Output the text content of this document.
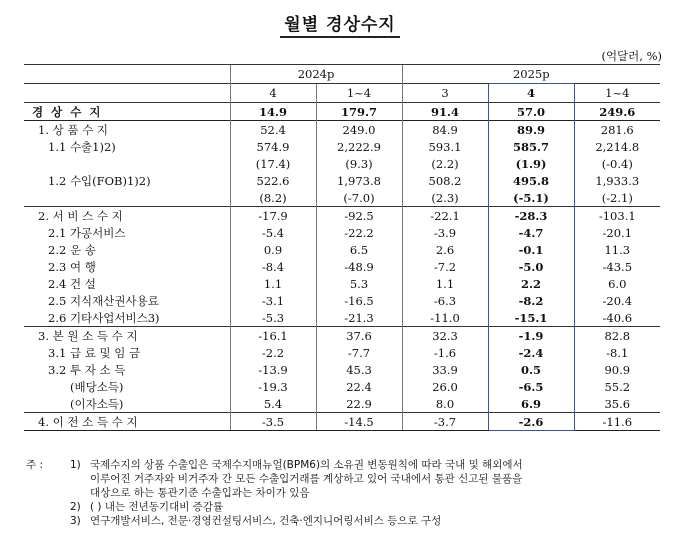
월별 경상수지
(억달러, %)
	2024p		2025p		
	4	1~4	3	4	1~4
경 상 수 지	14.9	179.7	91.4	57.0	249.6
1. 상 품 수 지	52.4	249.0	84.9	89.9	281.6
1.1 수출1)2)	574.9	2,222.9	593.1	585.7	2,214.8
	(17.4)	(9.3)	(2.2)	(1.9)	(-0.4)
1.2 수입(FOB)1)2)	522.6	1,973.8	508.2	495.8	1,933.3
	(8.2)	(-7.0)	(2.3)	(-5.1)	(-2.1)
2. 서 비 스 수 지	-17.9	-92.5	-22.1	-28.3	-103.1
2.1 가공서비스	-5.4	-22.2	-3.9	-4.7	-20.1
2.2 운 송	0.9	6.5	2.6	-0.1	11.3
2.3 여 행	-8.4	-48.9	-7.2	-5.0	-43.5
2.4 건 설	1.1	5.3	1.1	2.2	6.0
2.5 지식재산권사용료	-3.1	-16.5	-6.3	-8.2	-20.4
2.6 기타사업서비스3)	-5.3	-21.3	-11.0	-15.1	-40.6
3. 본 원 소 득 수 지	-16.1	37.6	32.3	-1.9	82.8
3.1 급 료 및 임 금	-2.2	-7.7	-1.6	-2.4	-8.1
3.2 투 자 소 득	-13.9	45.3	33.9	0.5	90.9
(배당소득)	-19.3	22.4	26.0	-6.5	55.2
(이자소득)	5.4	22.9	8.0	6.9	35.6
4. 이 전 소 득 수 지	-3.5	-14.5	-3.7	-2.6	-11.6
주 :	1) 국제수지의 상품 수출입은 국제수지매뉴얼(BPM6)의 소유권 변동원칙에 따라 국내 및 해외에서
이루어진 거주자와 비거주자 간 모든 수출입거래를 계상하고 있어 국내에서 통관 신고된 물품을
대상으로 하는 통관기준 수출입과는 차이가 있음
2) ( ) 내는 전년동기대비 증감률
3) 연구개발서비스, 전문·경영컨설팅서비스, 건축·엔지니어링서비스 등으로 구성
